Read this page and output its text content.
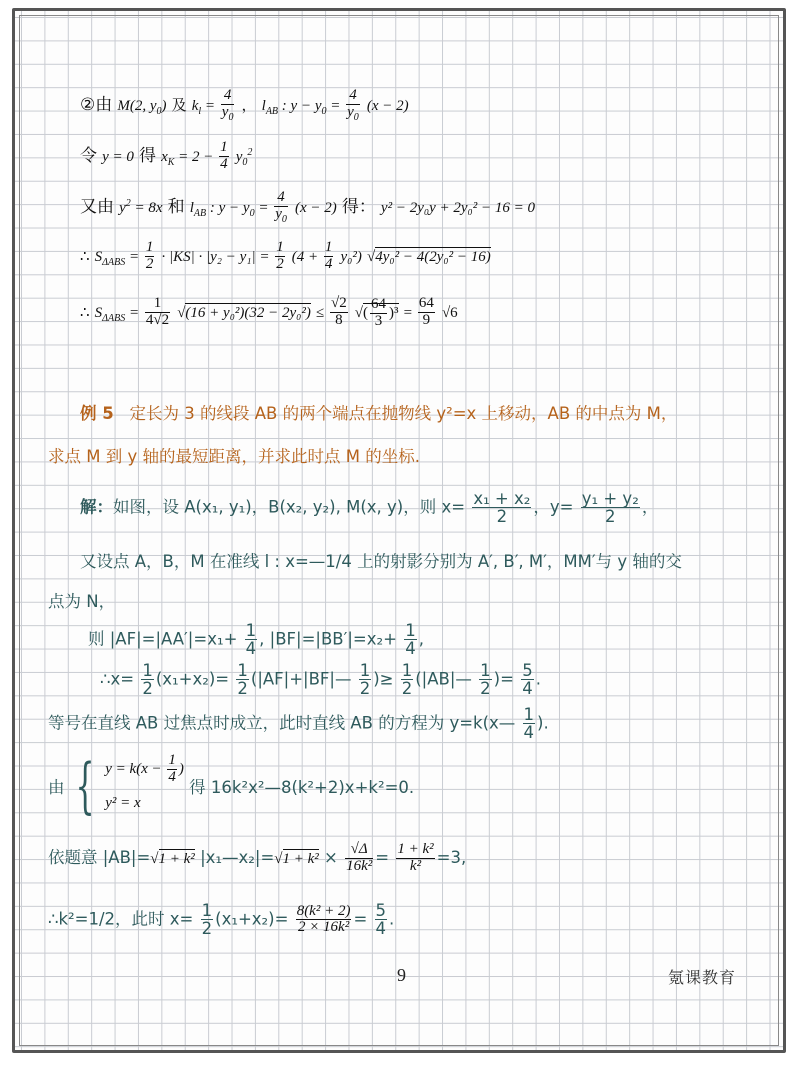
②由 M(2, $y_0$) 及 $k_l = \frac{4}{y_0}$ ， $l_{AB}$ : $y - y_0 = \frac{4}{y_0} (x - 2)$
令 y = 0 得 $x_K = 2 - \frac{1}{4} y_0^2$
又由 $y^2 = 8x$ 和 $l_{AB}$ : $y - y_0 = \frac{4}{y_0} (x - 2)$ 得： y² − 2y₀y + 2y₀² − 16 = 0
∴ $S_{\Delta ABS} = \frac{1}{2} \cdot |KS| \cdot |y_2 - y_1| = \frac{1}{2} (4 + \frac{1}{4} y_0^2) √4y_0^2 - 4(2y_0^2 - 16)$
∴ $S_{\Delta ABS} = \frac{1}{4√2} √(16 + y_0^2)(32 - 2y_0^2) \le \frac{√2}{8}$ √( $\frac{64}{3} )^3 = \frac{64}{9} √6$
例 5 定长为 3 的线段 AB 的两个端点在抛物线 y²=x 上移动，AB 的中点为 M，
求点 M 到 y 轴的最短距离，并求此时点 M 的坐标.
解：如图，设 A(x₁, y₁)，B(x₂, y₂), M(x, y)，则 $x= \frac{\text{x₁ + x₂}}{2}$ ，$y= \frac{\text{y₁ + y₂}}{2}$ ，
又设点 A，B，M 在准线 l : x=—1/4 上的射影分别为 A′, B′, M′，MM′与 y 轴的交
点为 N，
则 $|AF|=|AA'|=x_1+ \frac{1}{4}$ , $|BF|=|BB'|=x_2+ \frac{1}{4}$ ,
∴x= $\frac{1}{2} (x_1+x_2)= \frac{1}{2}$ (|AF|+|BF|— $\frac{1}{2}$ )≥ $\frac{1}{2}$ (|AB|— $\frac{1}{2}$ )= $\frac{5}{4}$ .
等号在直线 AB 过焦点时成立，此时直线 AB 的方程为 y=k(x— $\frac{1}{4}$ ).
由 { $y = k(x - \frac{1}{4}$ )
y² = x
得 16k²x²—8(k²+2)x+k²=0.
依题意 |AB|=√1 + k² |x₁—x₂|=√1 + $k^2 \times \frac{√\Delta}{\text{16k²}} = \frac{\text{1 + k²}}{\text{k²}} =3$,
∴k²=1/2，此时 $x= \frac{1}{2} (x_1+x_2)= \frac{\text{8(k² + 2)}}{\text{2 × 16k²}} = \frac{5}{4}$ .
9	氪课教育
